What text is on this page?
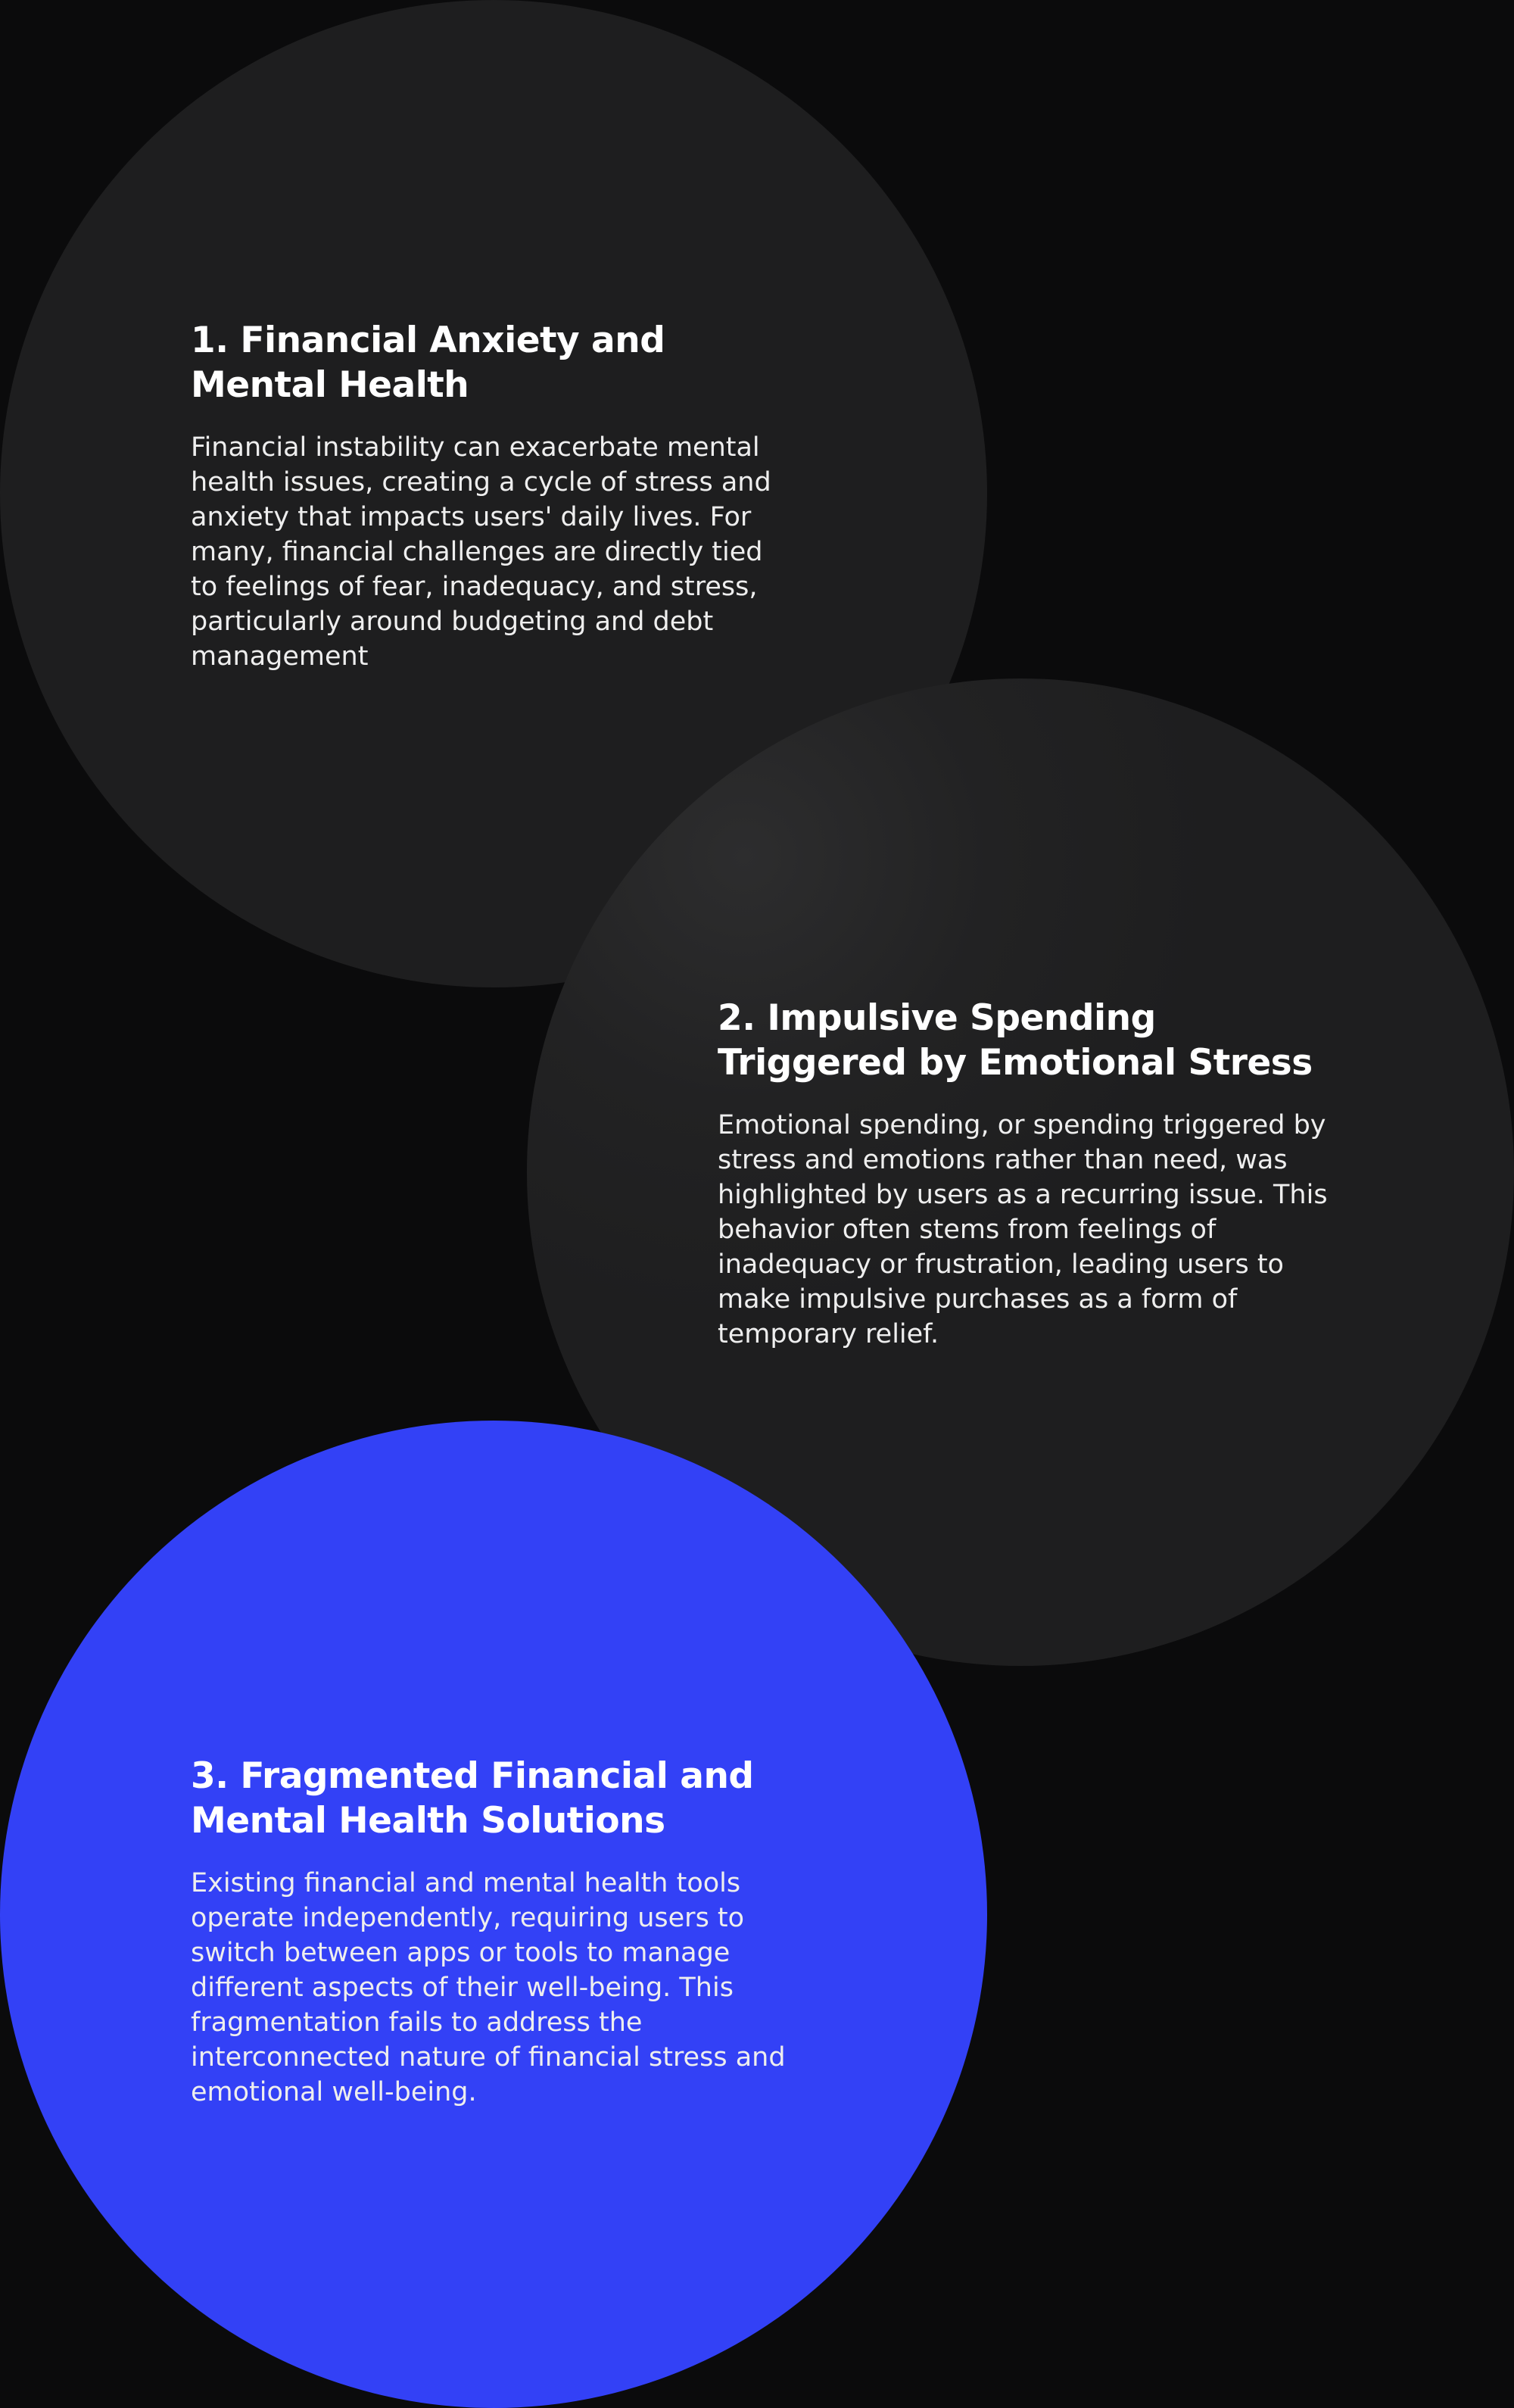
1. Financial Anxiety and Mental Health

Financial instability can exacerbate mental health issues, creating a cycle of stress and anxiety that impacts users' daily lives. For many, financial challenges are directly tied to feelings of fear, inadequacy, and stress, particularly around budgeting and debt management

2. Impulsive Spending Triggered by Emotional Stress

Emotional spending, or spending triggered by stress and emotions rather than need, was highlighted by users as a recurring issue. This behavior often stems from feelings of inadequacy or frustration, leading users to make impulsive purchases as a form of temporary relief.

3. Fragmented Financial and Mental Health Solutions

Existing financial and mental health tools operate independently, requiring users to switch between apps or tools to manage different aspects of their well-being. This fragmentation fails to address the interconnected nature of financial stress and emotional well-being.
